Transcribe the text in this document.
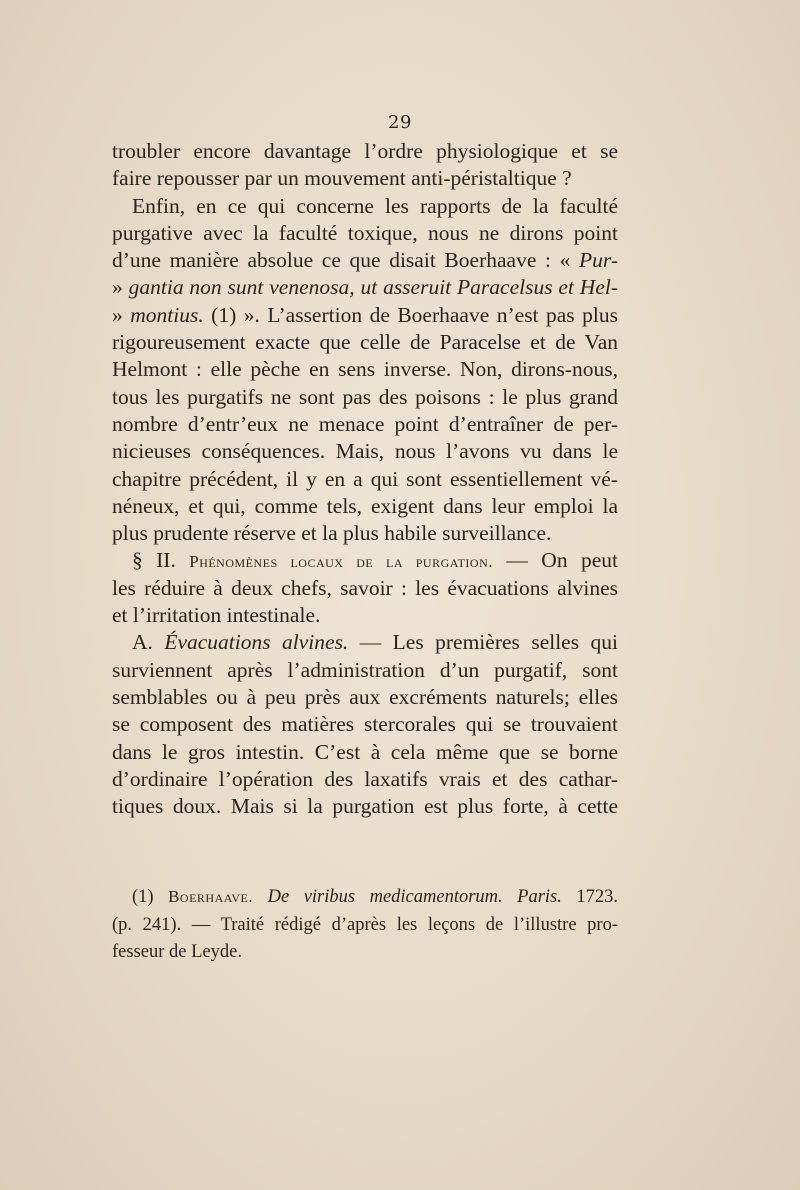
29
troubler encore davantage l’ordre physiologique et se
faire repousser par un mouvement anti-péristaltique ?
Enfin, en ce qui concerne les rapports de la faculté
purgative avec la faculté toxique, nous ne dirons point
d’une manière absolue ce que disait Boerhaave : « Pur-
» gantia non sunt venenosa, ut asseruit Paracelsus et Hel-
» montius. (1) ». L’assertion de Boerhaave n’est pas plus
rigoureusement exacte que celle de Paracelse et de Van
Helmont : elle pèche en sens inverse. Non, dirons-nous,
tous les purgatifs ne sont pas des poisons : le plus grand
nombre d’entr’eux ne menace point d’entraîner de per-
nicieuses conséquences. Mais, nous l’avons vu dans le
chapitre précédent, il y en a qui sont essentiellement vé-
néneux, et qui, comme tels, exigent dans leur emploi la
plus prudente réserve et la plus habile surveillance.
§ II. Phénomènes locaux de la purgation. — On peut
les réduire à deux chefs, savoir : les évacuations alvines
et l’irritation intestinale.
A. Évacuations alvines. — Les premières selles qui
surviennent après l’administration d’un purgatif, sont
semblables ou à peu près aux excréments naturels; elles
se composent des matières stercorales qui se trouvaient
dans le gros intestin. C’est à cela même que se borne
d’ordinaire l’opération des laxatifs vrais et des cathar-
tiques doux. Mais si la purgation est plus forte, à cette
(1) Boerhaave. De viribus medicamentorum. Paris. 1723.
(p. 241). — Traité rédigé d’après les leçons de l’illustre pro-
fesseur de Leyde.
